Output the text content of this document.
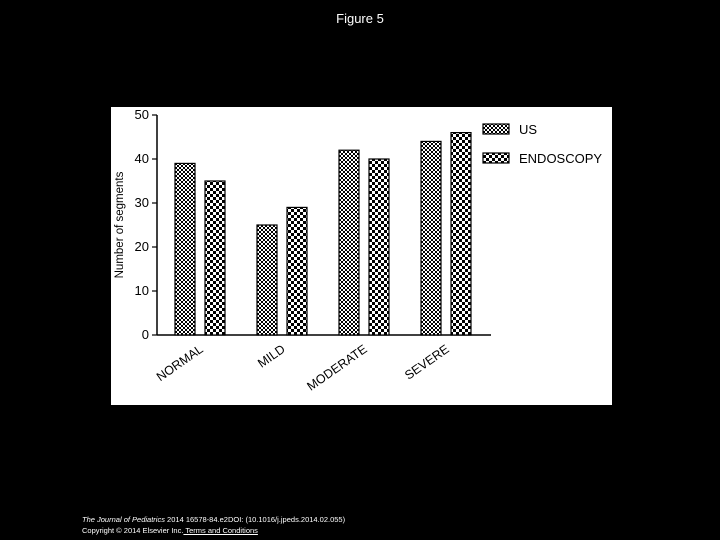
Figure 5
0
10
20
30
40
50
Number of segments
NORMAL	MILD MODERATE	SEVERE
US
ENDOSCOPY
The Journal of Pediatrics 2014 16578-84.e2DOI: (10.1016/j.jpeds.2014.02.055)
Copyright © 2014 Elsevier Inc. Terms and Conditions
